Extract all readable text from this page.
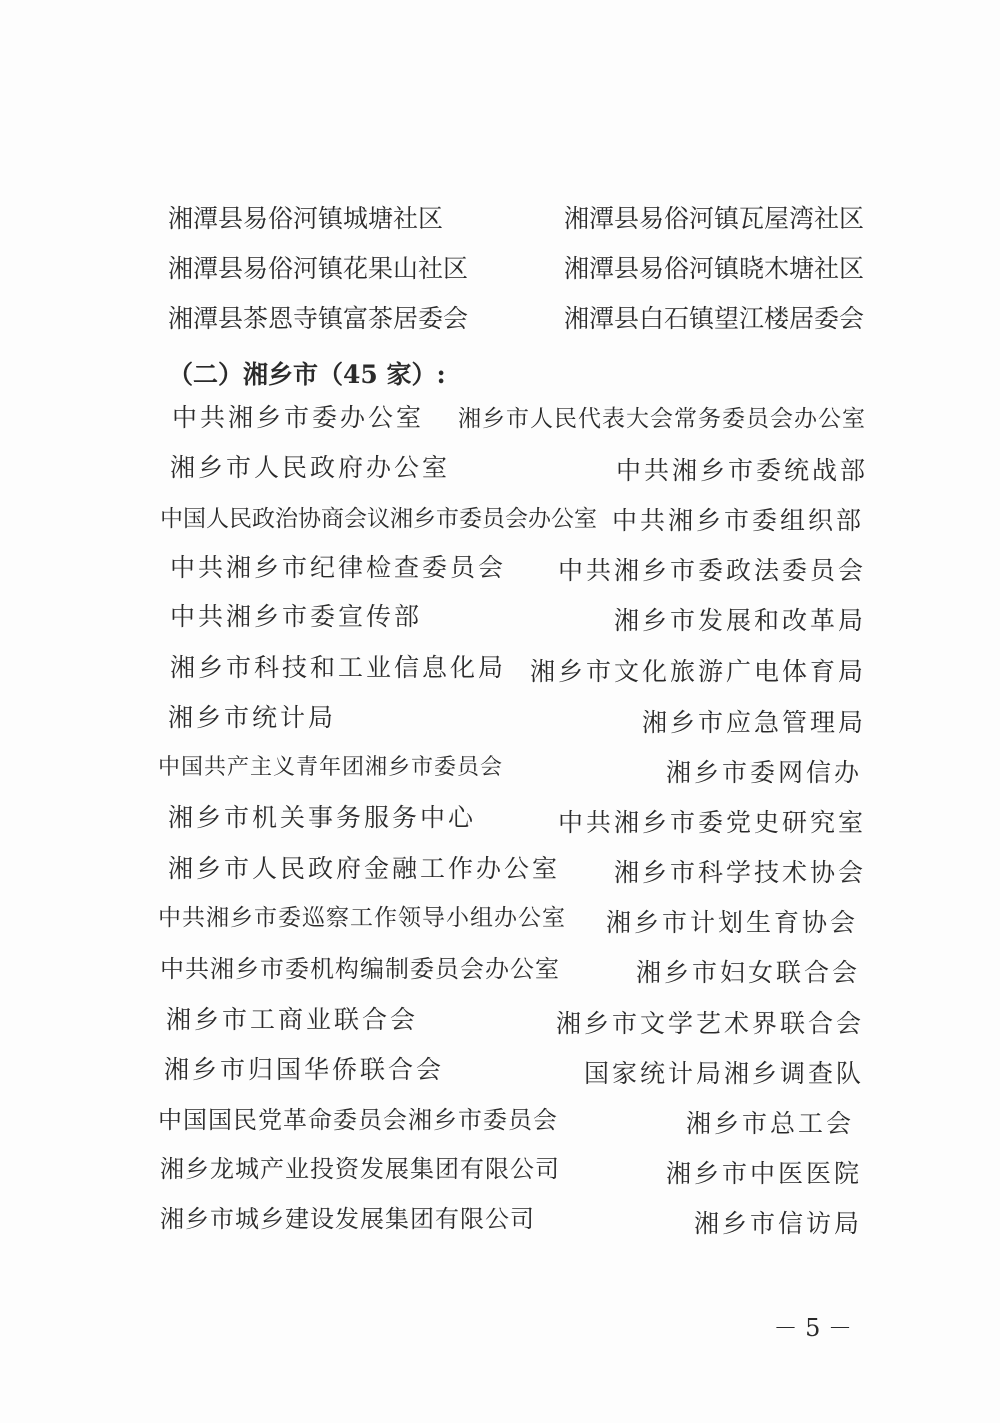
湘潭县易俗河镇城塘社区	湘潭县易俗河镇瓦屋湾社区
湘潭县易俗河镇花果山社区	湘潭县易俗河镇晓木塘社区
湘潭县茶恩寺镇富茶居委会	湘潭县白石镇望江楼居委会
（二）湘乡市（45 家）:
中共湘乡市委办公室 湘乡市人民代表大会常务委员会办公室
湘乡市人民政府办公室	中共湘乡市委统战部
中国人民政治协商会议湘乡市委员会办公室 中共湘乡市委组织部
中共湘乡市纪律检查委员会 中共湘乡市委政法委员会
中共湘乡市委宣传部	湘乡市发展和改革局
湘乡市科技和工业信息化局 湘乡市文化旅游广电体育局
湘乡市统计局	湘乡市应急管理局
中国共产主义青年团湘乡市委员会	湘乡市委网信办
湘乡市机关事务服务中心	中共湘乡市委党史研究室
湘乡市人民政府金融工作办公室 湘乡市科学技术协会
中共湘乡市委巡察工作领导小组办公室 湘乡市计划生育协会
中共湘乡市委机构编制委员会办公室	湘乡市妇女联合会
湘乡市工商业联合会	湘乡市文学艺术界联合会
湘乡市归国华侨联合会	国家统计局湘乡调查队
中国国民党革命委员会湘乡市委员会	湘乡市总工会
湘乡龙城产业投资发展集团有限公司	湘乡市中医医院
湘乡市城乡建设发展集团有限公司	湘乡市信访局
－ 5 －
